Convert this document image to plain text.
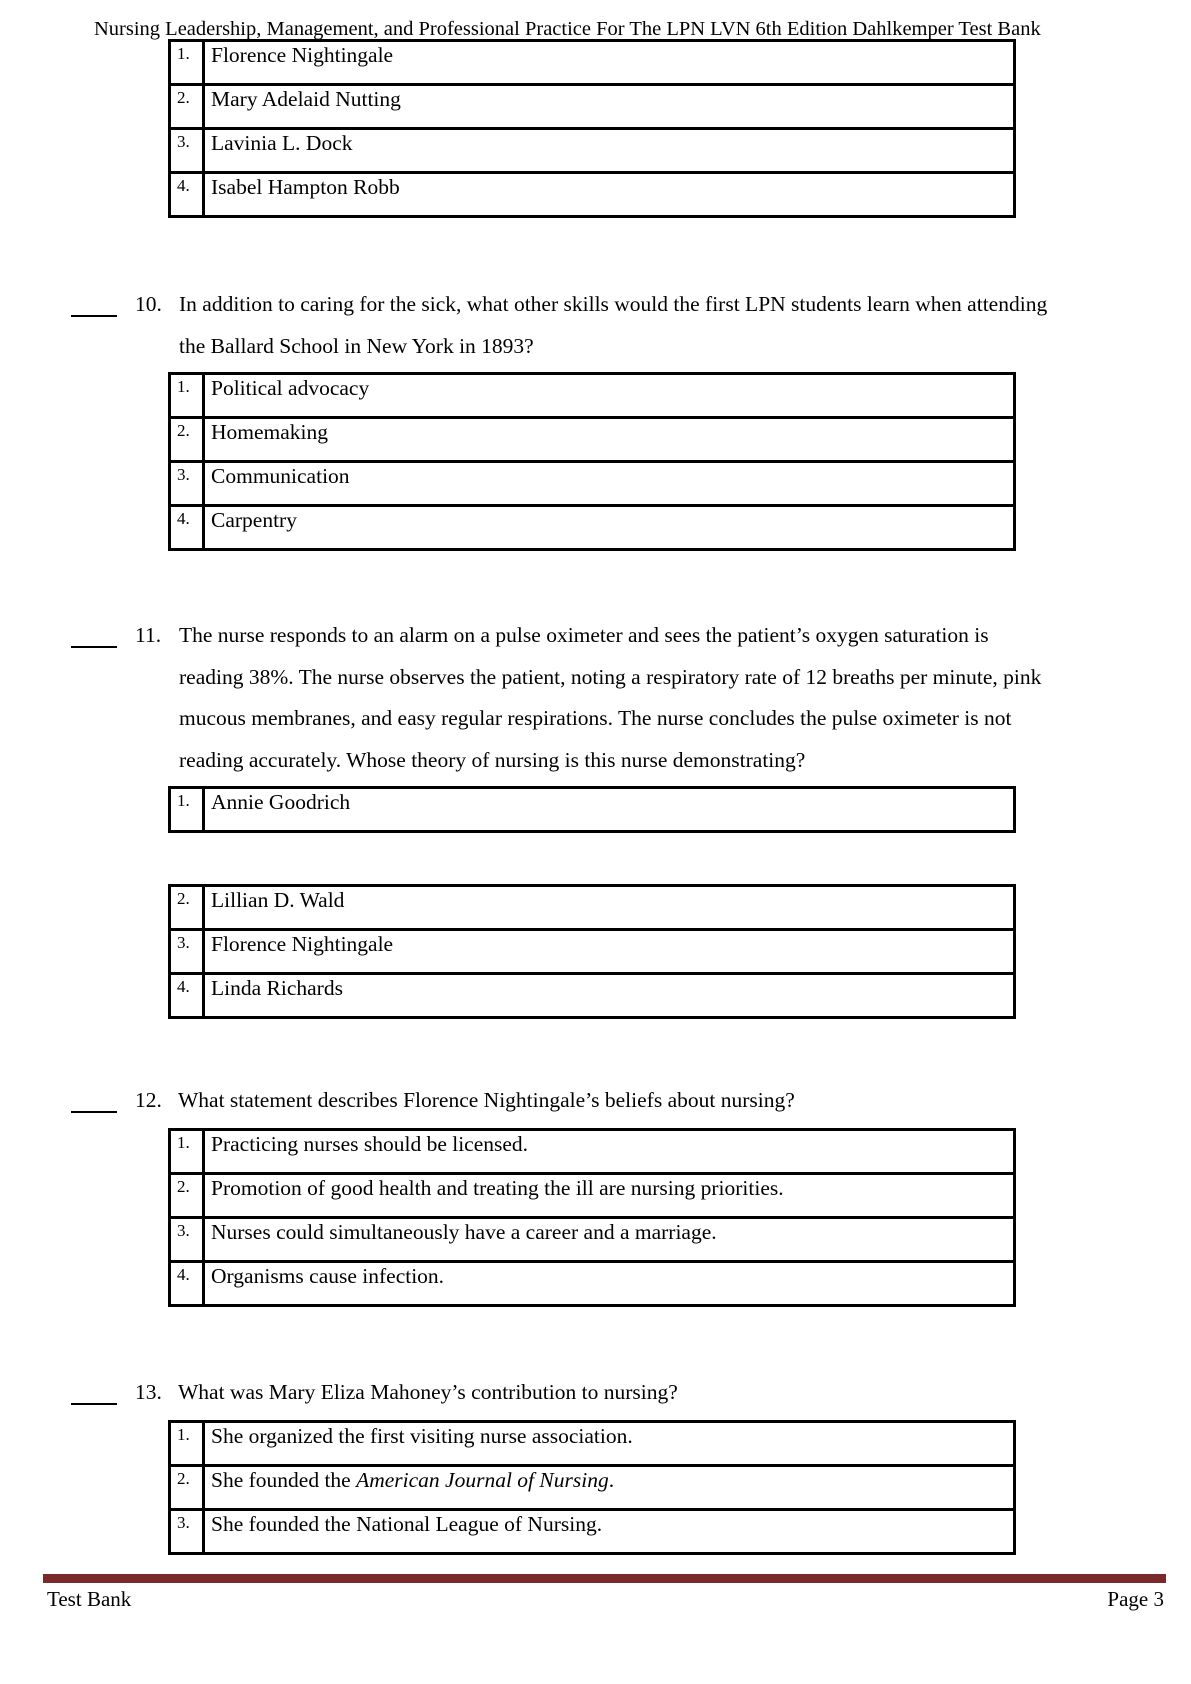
Nursing Leadership, Management, and Professional Practice For The LPN LVN 6th Edition Dahlkemper Test Bank
1. Florence Nightingale
2. Mary Adelaid Nutting
3. Lavinia L. Dock
4. Isabel Hampton Robb
10. In addition to caring for the sick, what other skills would the first LPN students learn when attending
the Ballard School in New York in 1893?
1. Political advocacy
2. Homemaking
3. Communication
4. Carpentry
11. The nurse responds to an alarm on a pulse oximeter and sees the patient’s oxygen saturation is
reading 38%. The nurse observes the patient, noting a respiratory rate of 12 breaths per minute, pink
mucous membranes, and easy regular respirations. The nurse concludes the pulse oximeter is not
reading accurately. Whose theory of nursing is this nurse demonstrating?
1. Annie Goodrich
2. Lillian D. Wald
3. Florence Nightingale
4. Linda Richards
12. What statement describes Florence Nightingale’s beliefs about nursing?
1. Practicing nurses should be licensed.
2. Promotion of good health and treating the ill are nursing priorities.
3. Nurses could simultaneously have a career and a marriage.
4. Organisms cause infection.
13. What was Mary Eliza Mahoney’s contribution to nursing?
1. She organized the first visiting nurse association.
2. She founded the American Journal of Nursing.
3. She founded the National League of Nursing.
Test Bank	Page 3
